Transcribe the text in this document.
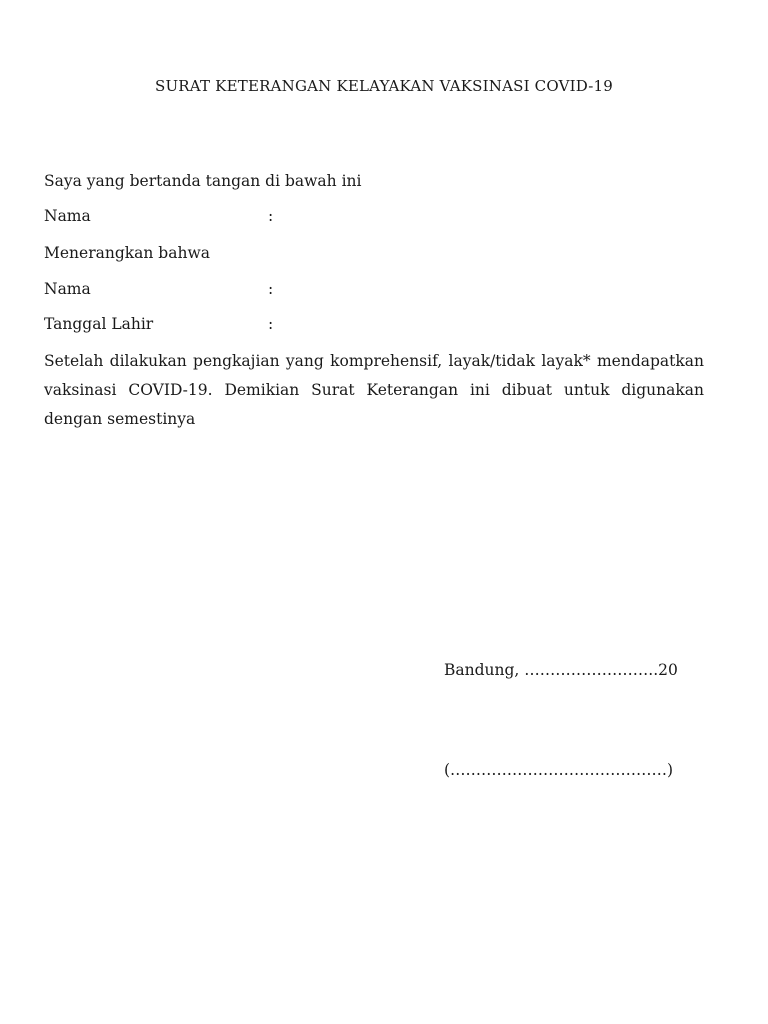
SURAT KETERANGAN KELAYAKAN VAKSINASI COVID-19
Saya yang bertanda tangan di bawah ini
Nama	:
Menerangkan bahwa
Nama	:
Tanggal Lahir	:
Setelah dilakukan pengkajian yang komprehensif, layak/tidak layak* mendapatkan vaksinasi COVID-19. Demikian Surat Keterangan ini dibuat untuk digunakan dengan semestinya
Bandung, ……………………..20
(……………………………………)
